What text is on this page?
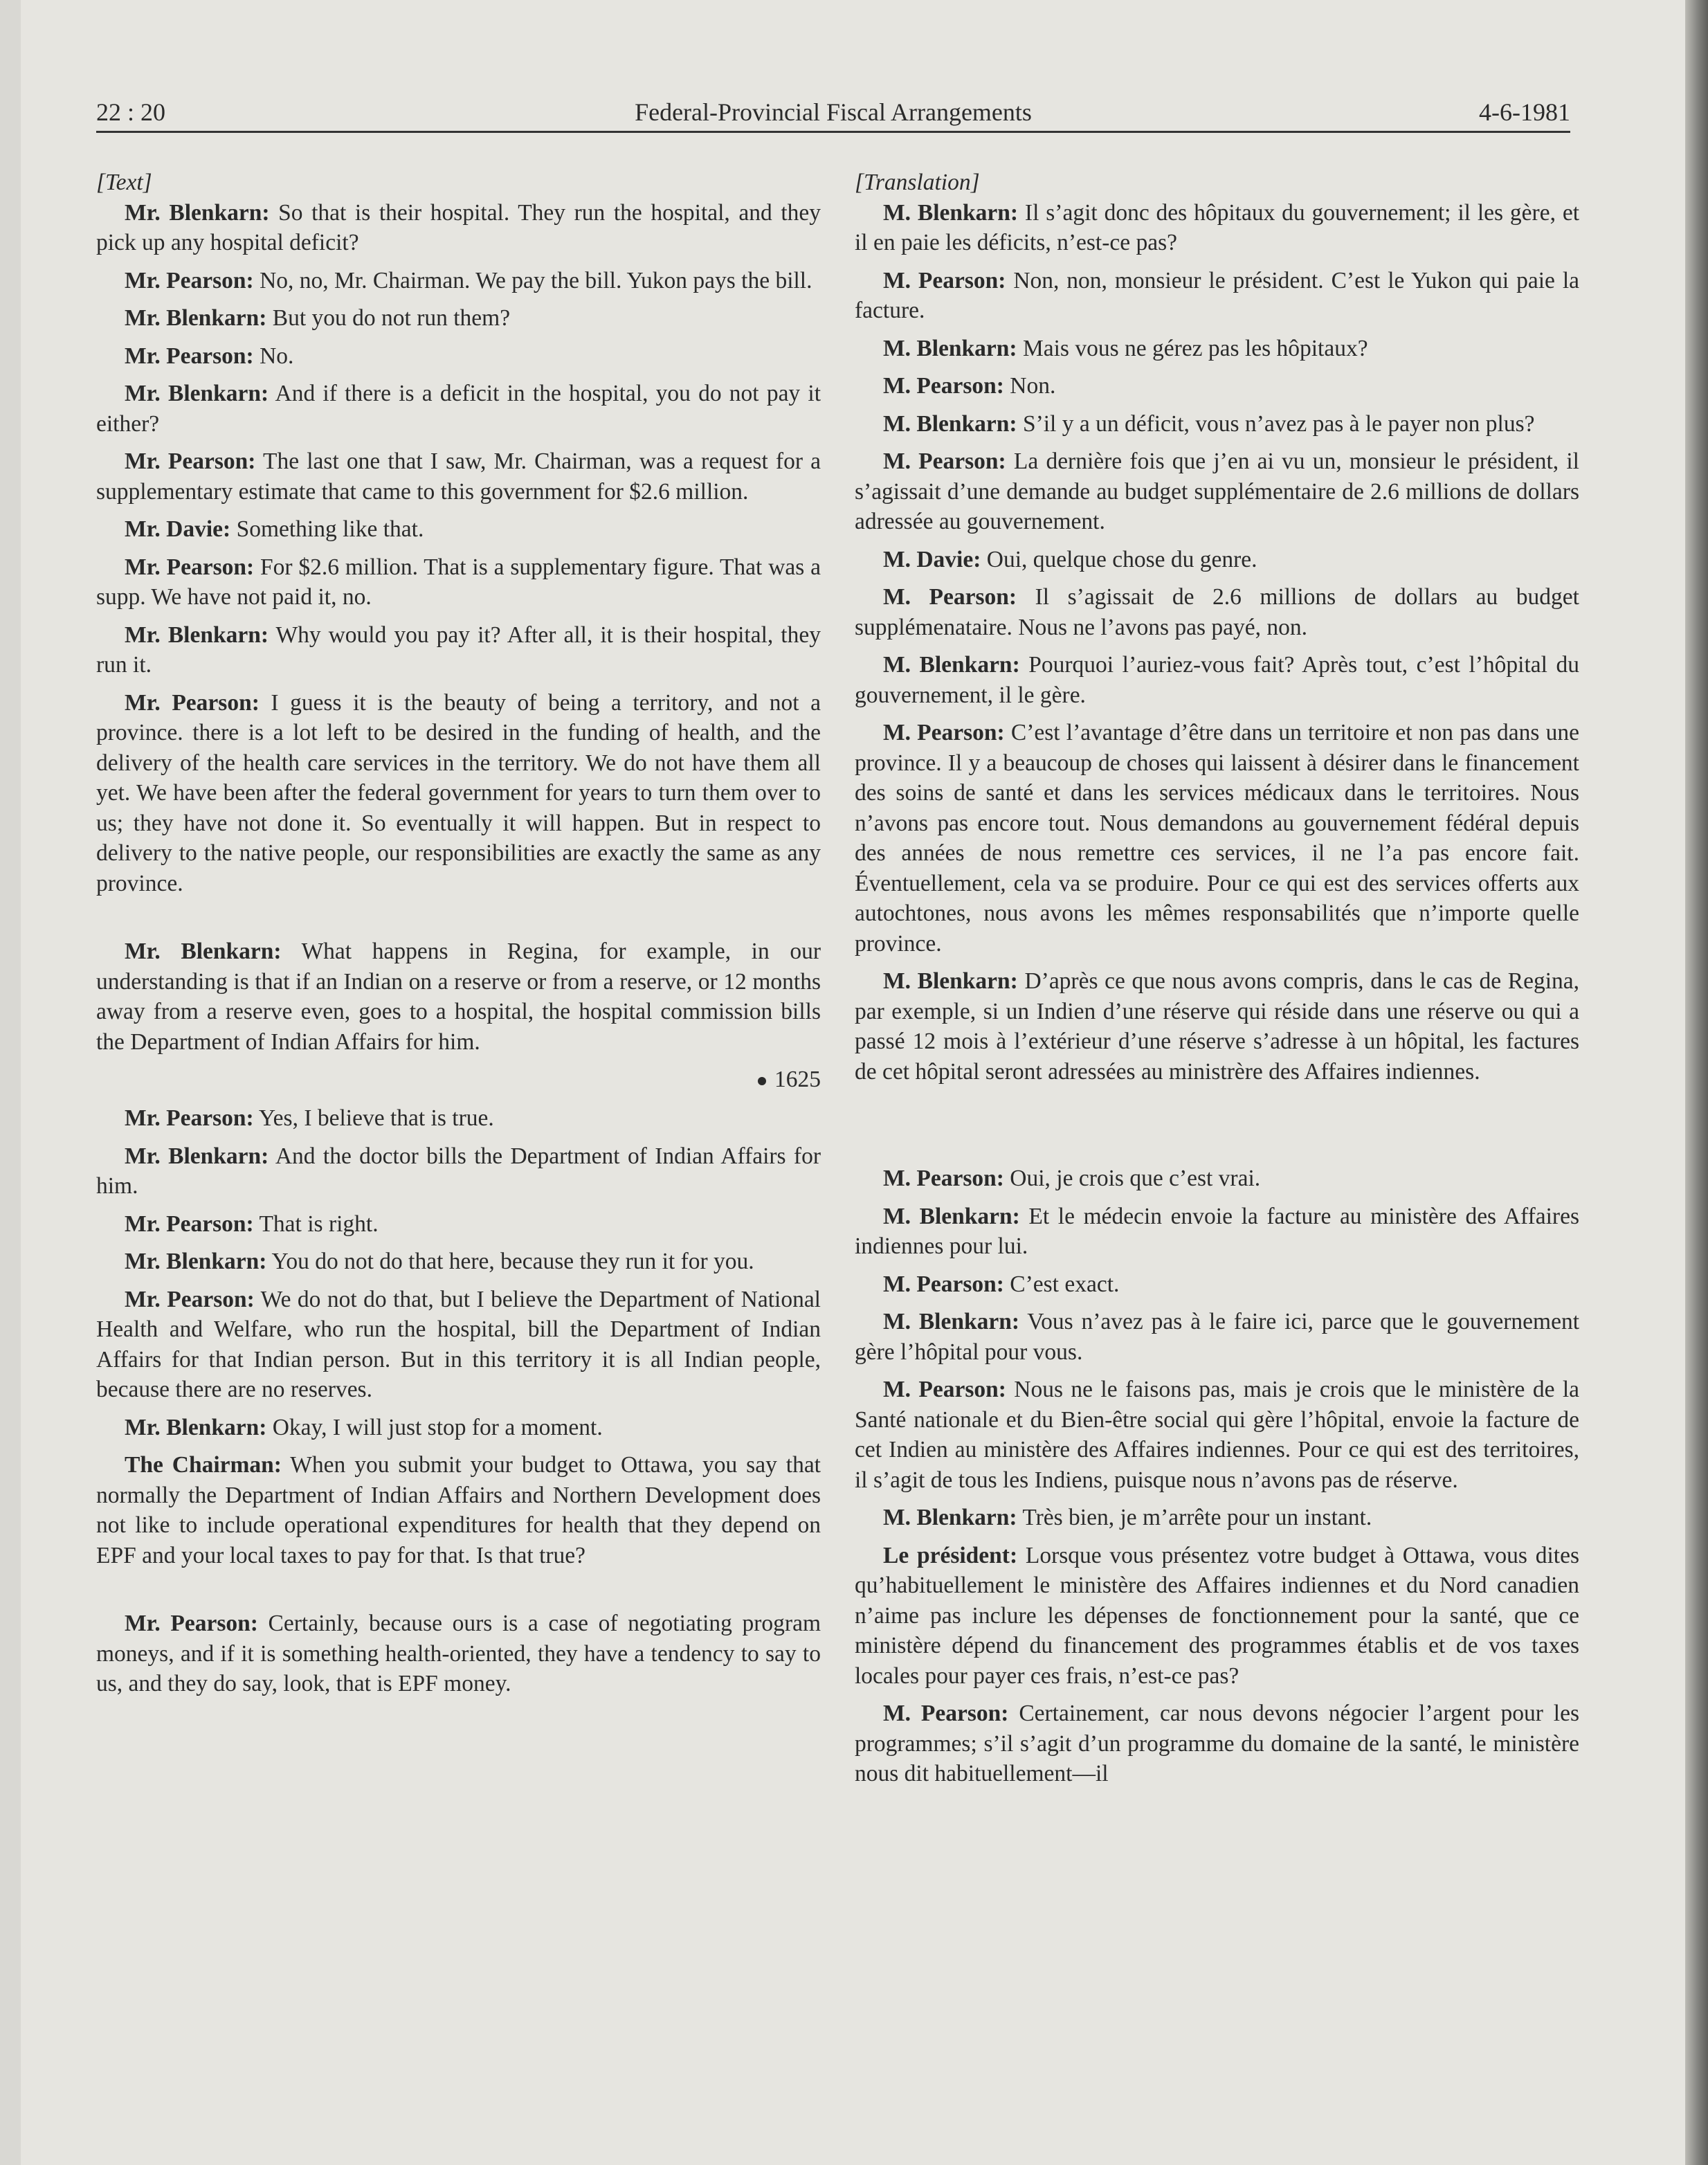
22 : 20	Federal-Provincial Fiscal Arrangements	4-6-1981

[Text]

Mr. Blenkarn: So that is their hospital. They run the hospital, and they pick up any hospital deficit?

Mr. Pearson: No, no, Mr. Chairman. We pay the bill. Yukon pays the bill.

Mr. Blenkarn: But you do not run them?

Mr. Pearson: No.

Mr. Blenkarn: And if there is a deficit in the hospital, you do not pay it either?

Mr. Pearson: The last one that I saw, Mr. Chairman, was a request for a supplementary estimate that came to this government for $2.6 million.

Mr. Davie: Something like that.

Mr. Pearson: For $2.6 million. That is a supplementary figure. That was a supp. We have not paid it, no.

Mr. Blenkarn: Why would you pay it? After all, it is their hospital, they run it.

Mr. Pearson: I guess it is the beauty of being a territory, and not a province. there is a lot left to be desired in the funding of health, and the delivery of the health care services in the territory. We do not have them all yet. We have been after the federal government for years to turn them over to us; they have not done it. So eventually it will happen. But in respect to delivery to the native people, our responsibilities are exactly the same as any province.

Mr. Blenkarn: What happens in Regina, for example, in our understanding is that if an Indian on a reserve or from a reserve, or 12 months away from a reserve even, goes to a hospital, the hospital commission bills the Department of Indian Affairs for him.

1625

Mr. Pearson: Yes, I believe that is true.

Mr. Blenkarn: And the doctor bills the Department of Indian Affairs for him.

Mr. Pearson: That is right.

Mr. Blenkarn: You do not do that here, because they run it for you.

Mr. Pearson: We do not do that, but I believe the Department of National Health and Welfare, who run the hospital, bill the Department of Indian Affairs for that Indian person. But in this territory it is all Indian people, because there are no reserves.

Mr. Blenkarn: Okay, I will just stop for a moment.

The Chairman: When you submit your budget to Ottawa, you say that normally the Department of Indian Affairs and Northern Development does not like to include operational expenditures for health that they depend on EPF and your local taxes to pay for that. Is that true?

Mr. Pearson: Certainly, because ours is a case of negotiating program moneys, and if it is something health-oriented, they have a tendency to say to us, and they do say, look, that is EPF money.

[Translation]

M. Blenkarn: Il s’agit donc des hôpitaux du gouvernement; il les gère, et il en paie les déficits, n’est-ce pas?

M. Pearson: Non, non, monsieur le président. C’est le Yukon qui paie la facture.

M. Blenkarn: Mais vous ne gérez pas les hôpitaux?

M. Pearson: Non.

M. Blenkarn: S’il y a un déficit, vous n’avez pas à le payer non plus?

M. Pearson: La dernière fois que j’en ai vu un, monsieur le président, il s’agissait d’une demande au budget supplémentaire de 2.6 millions de dollars adressée au gouvernement.

M. Davie: Oui, quelque chose du genre.

M. Pearson: Il s’agissait de 2.6 millions de dollars au budget supplémenataire. Nous ne l’avons pas payé, non.

M. Blenkarn: Pourquoi l’auriez-vous fait? Après tout, c’est l’hôpital du gouvernement, il le gère.

M. Pearson: C’est l’avantage d’être dans un territoire et non pas dans une province. Il y a beaucoup de choses qui laissent à désirer dans le financement des soins de santé et dans les services médicaux dans le territoires. Nous n’avons pas encore tout. Nous demandons au gouvernement fédéral depuis des années de nous remettre ces services, il ne l’a pas encore fait. Éventuellement, cela va se produire. Pour ce qui est des services offerts aux autochtones, nous avons les mêmes responsabilités que n’importe quelle province.

M. Blenkarn: D’après ce que nous avons compris, dans le cas de Regina, par exemple, si un Indien d’une réserve qui réside dans une réserve ou qui a passé 12 mois à l’extérieur d’une réserve s’adresse à un hôpital, les factures de cet hôpital seront adressées au ministrère des Affaires indiennes.

M. Pearson: Oui, je crois que c’est vrai.

M. Blenkarn: Et le médecin envoie la facture au ministère des Affaires indiennes pour lui.

M. Pearson: C’est exact.

M. Blenkarn: Vous n’avez pas à le faire ici, parce que le gouvernement gère l’hôpital pour vous.

M. Pearson: Nous ne le faisons pas, mais je crois que le ministère de la Santé nationale et du Bien-être social qui gère l’hôpital, envoie la facture de cet Indien au ministère des Affaires indiennes. Pour ce qui est des territoires, il s’agit de tous les Indiens, puisque nous n’avons pas de réserve.

M. Blenkarn: Très bien, je m’arrête pour un instant.

Le président: Lorsque vous présentez votre budget à Ottawa, vous dites qu’habituellement le ministère des Affaires indiennes et du Nord canadien n’aime pas inclure les dépenses de fonctionnement pour la santé, que ce ministère dépend du financement des programmes établis et de vos taxes locales pour payer ces frais, n’est-ce pas?

M. Pearson: Certainement, car nous devons négocier l’argent pour les programmes; s’il s’agit d’un programme du domaine de la santé, le ministère nous dit habituellement—il
